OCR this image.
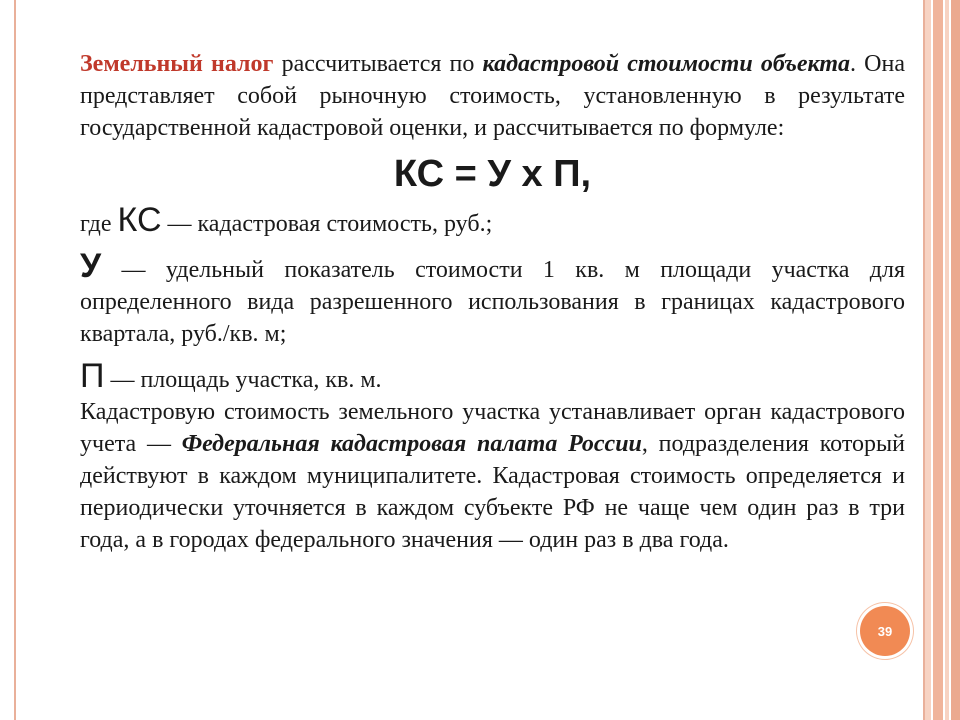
Земельный налог рассчитывается по кадастровой стоимости объекта. Она представляет собой рыночную стоимость, установленную в результате государственной кадастровой оценки, и рассчитывается по формуле:

КС = У х П,

где КС — кадастровая стоимость, руб.;

У — удельный показатель стоимости 1 кв. м площади участка для определенного вида разрешенного использования в границах кадастрового квартала, руб./кв. м;

П — площадь участка, кв. м.

Кадастровую стоимость земельного участка устанавливает орган кадастрового учета — Федеральная кадастровая палата России, подразделения который действуют в каждом муниципалитете. Кадастровая стоимость определяется и периодически уточняется в каждом субъекте РФ не чаще чем один раз в три года, а в городах федерального значения — один раз в два года.

39
